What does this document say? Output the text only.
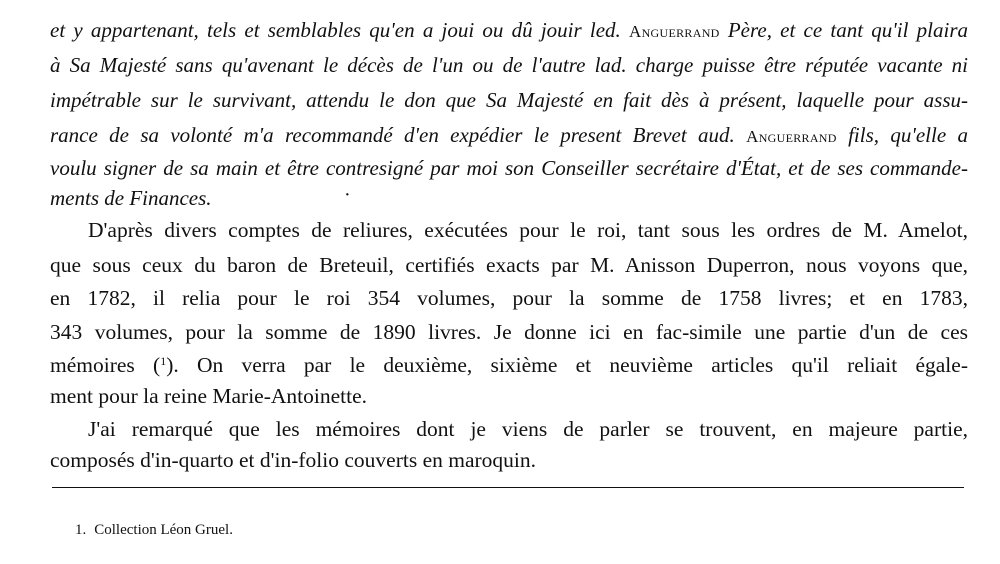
et y appartenant, tels et semblables qu'en a joui ou dû jouir led. Anguerrand Père, et ce tant qu'il plaira
à Sa Majesté sans qu'avenant le décès de l'un ou de l'autre lad. charge puisse être réputée vacante ni
impétrable sur le survivant, attendu le don que Sa Majesté en fait dès à présent, laquelle pour assu-
rance de sa volonté m'a recommandé d'en expédier le present Brevet aud. Anguerrand fils, qu'elle a
voulu signer de sa main et être contresigné par moi son Conseiller secrétaire d'État, et de ses commande-
ments de Finances.	·
D'après divers comptes de reliures, exécutées pour le roi, tant sous les ordres de M. Amelot,
que sous ceux du baron de Breteuil, certifiés exacts par M. Anisson Duperron, nous voyons que,
en 1782, il relia pour le roi 354 volumes, pour la somme de 1758 livres; et en 1783,
343 volumes, pour la somme de 1890 livres. Je donne ici en fac-simile une partie d'un de ces
mémoires ($^1$). On verra par le deuxième, sixième et neuvième articles qu'il reliait égale-
ment pour la reine Marie-Antoinette.
J'ai remarqué que les mémoires dont je viens de parler se trouvent, en majeure partie,
composés d'in-quarto et d'in-folio couverts en maroquin.
1. Collection Léon Gruel.
